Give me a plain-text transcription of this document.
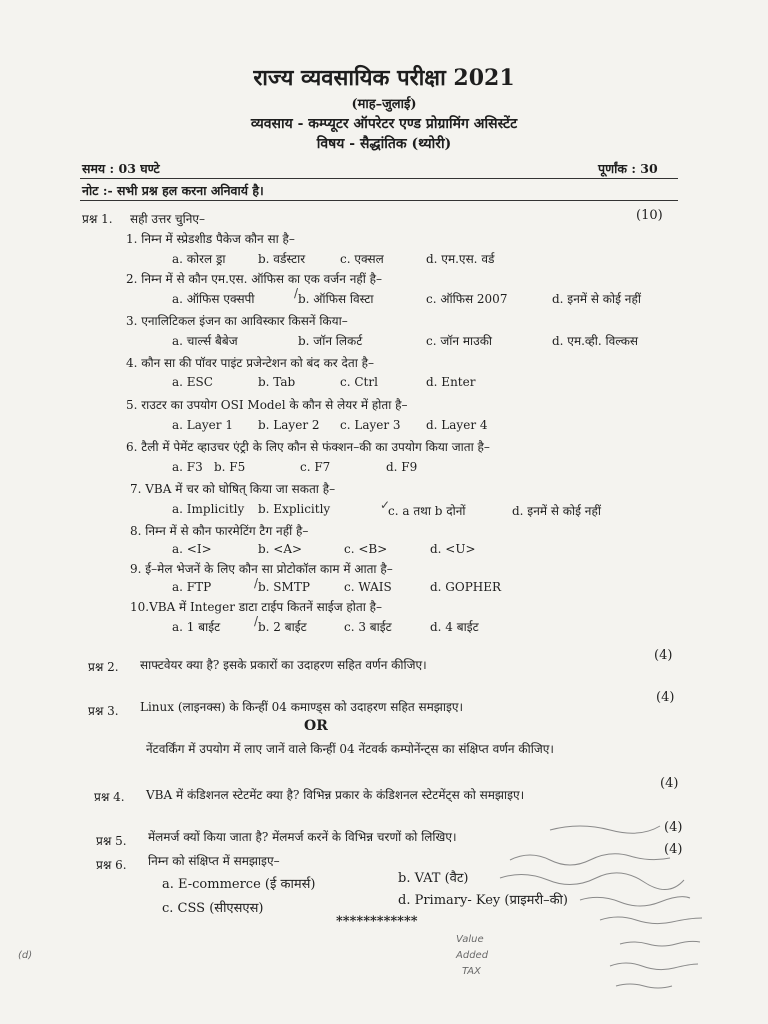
राज्य व्यवसायिक परीक्षा 2021
(माह–जुलाई)
व्यवसाय - कम्प्यूटर ऑपरेटर एण्ड प्रोग्रामिंग असिस्टेंट
विषय - सैद्धांतिक (थ्योरी)
समय : 03 घण्टे	पूर्णांक : 30
नोट :- सभी प्रश्न हल करना अनिवार्य है।
प्रश्न 1. सही उत्तर चुनिए–	(10)
1. निम्न में स्प्रेडशीड पैकेज कौन सा है–
a. कोरल ड्रा	b. वर्डस्टार	c. एक्सल	d. एम.एस. वर्ड
2. निम्न में से कौन एम.एस. ऑफिस का एक वर्जन नहीं है–
a. ऑफिस एक्सपी	b. ऑफिस विस्टा	c. ऑफिस 2007	d. इनमें से कोई नहीं
/
3. एनालिटिकल इंजन का आविस्कार किसनें किया–
a. चार्ल्स बैबेज	b. जॉन लिकर्ट	c. जॉन माउकी	d. एम.व्ही. विल्कस
4. कौन सा की पॉवर पाइंट प्रजेन्टेशन को बंद कर देता है–
a. ESC	b. Tab	c. Ctrl	d. Enter
5. राउटर का उपयोग OSI Model के कौन से लेयर में होता है–
a. Layer 1 b. Layer 2 c. Layer 3 d. Layer 4
6. टैली में पेमेंट व्हाउचर एंट्री के लिए कौन से फंक्शन–की का उपयोग किया जाता है–
a. F3 b. F5	c. F7	d. F9
7. VBA में चर को घोषित् किया जा सकता है–
a. Implicitly b. Explicitly	c. a तथा b दोनों	d. इनमें से कोई नहीं
✓
8. निम्न में से कौन फारमेटिंग टैग नहीं है–
a. <I>	b. <A>	c. <B>	d. <U>
9. ई–मेल भेजनें के लिए कौन सा प्रोटोकॉल काम में आता है–
a. FTP	b. SMTP	c. WAIS	d. GOPHER
/
10.VBA में Integer डाटा टाईप कितनें साईज होता है–
a. 1 बाईट	b. 2 बाईट	c. 3 बाईट	d. 4 बाईट
/
प्रश्न 2. साफ्टवेयर क्या है? इसके प्रकारों का उदाहरण सहित वर्णन कीजिए।
(4)
प्रश्न 3. Linux (लाइनक्स) के किन्हीं 04 कमाण्ड्स को उदाहरण सहित समझाइए।
(4)
OR
नेंटवर्किंग में उपयोग में लाए जानें वाले किन्हीं 04 नेंटवर्क कम्पोनेंन्ट्स का संक्षिप्त वर्णन कीजिए।
प्रश्न 4. VBA में कंडिशनल स्टेटमेंट क्या है? विभिन्न प्रकार के कंडिशनल स्टेटमेंट्स को समझाइए।
(4)
प्रश्न 5. मेंलमर्ज क्यों किया जाता है? मेंलमर्ज करनें के विभिन्न चरणों को लिखिए।
(4)
प्रश्न 6. निम्न को संक्षिप्त में समझाइए–
(4)
a. E-commerce (ई कामर्स)	b. VAT (वैट)
c. CSS (सीएसएस)
d. Primary- Key (प्राइमरी–की)
************
Value
Added
TAX
(d)
